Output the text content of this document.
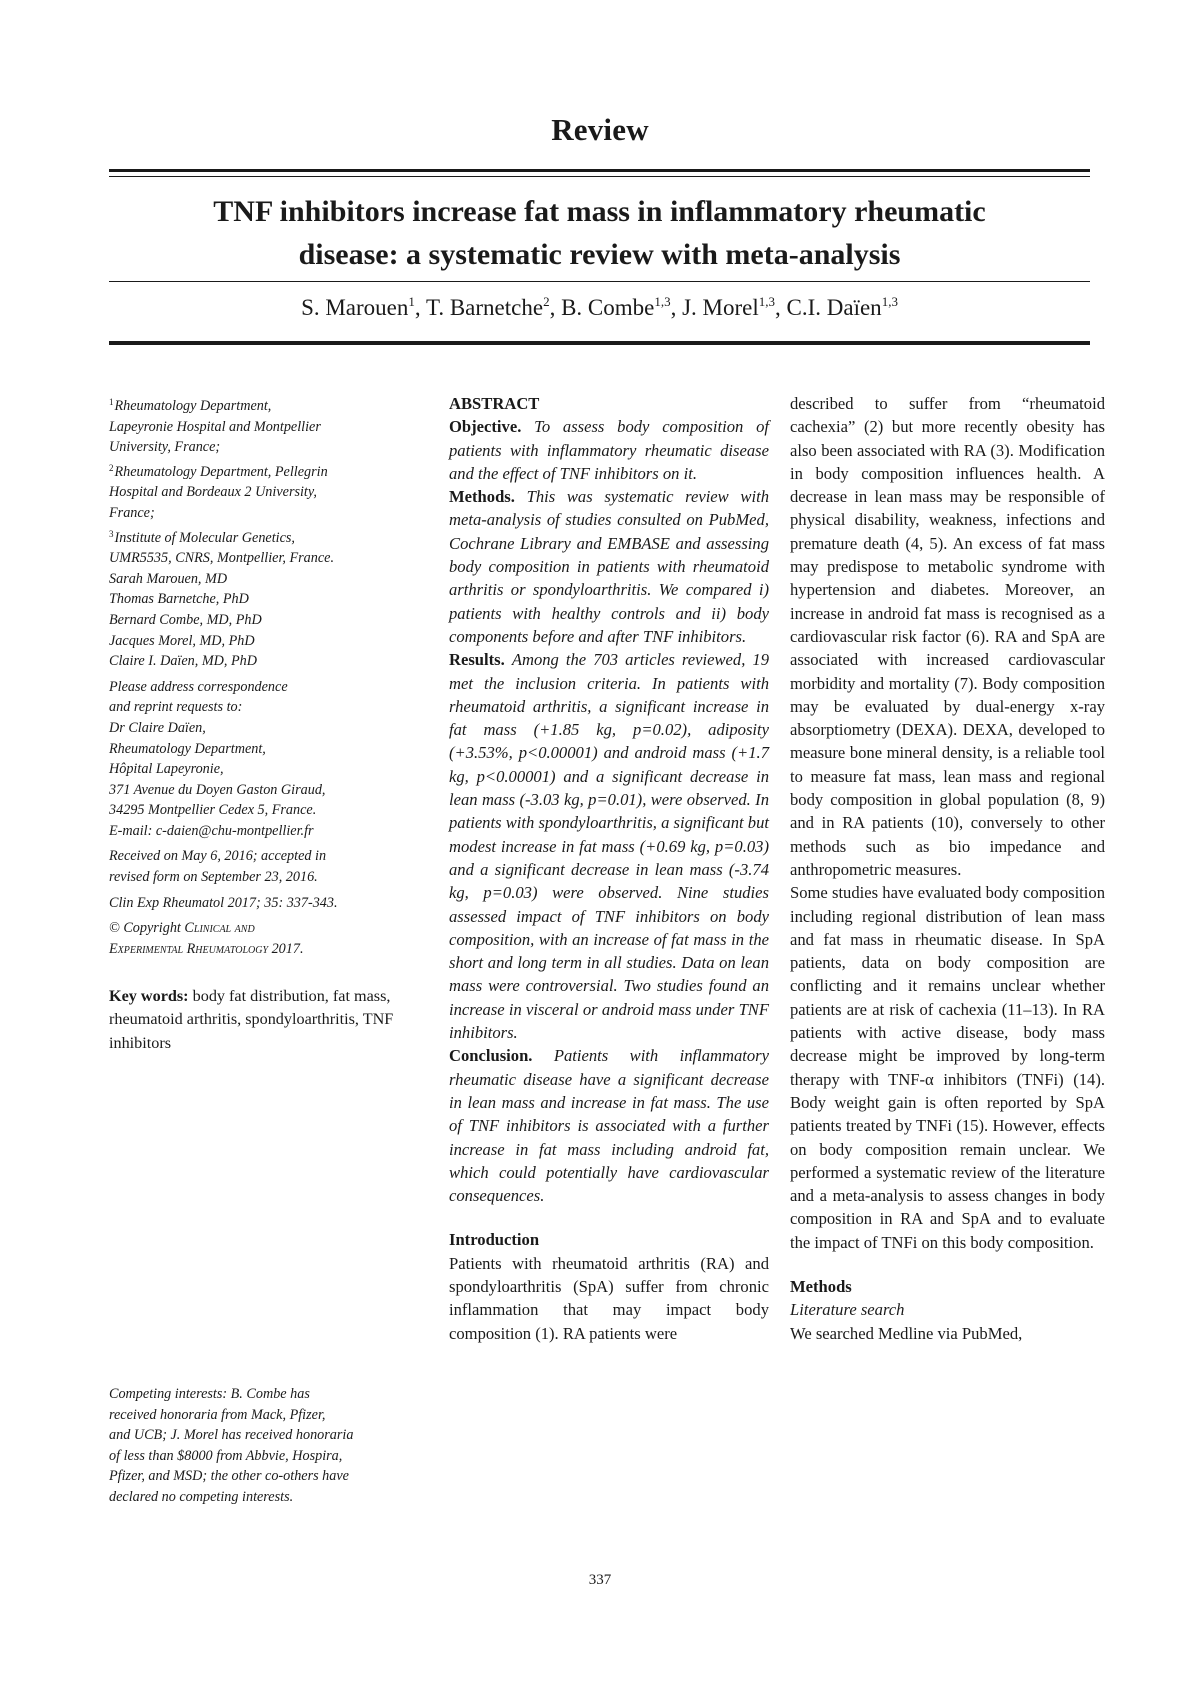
Review
TNF inhibitors increase fat mass in inflammatory rheumatic
disease: a systematic review with meta-analysis
S. Marouen$^1$, T. Barnetche$^2$, B. Combe$^{1,3}$, J. Morel$^{1,3}$, C.I. Daïen$^{1,3}$
$^1$Rheumatology Department,
Lapeyronie Hospital and Montpellier
University, France;
$^2$Rheumatology Department, Pellegrin
Hospital and Bordeaux 2 University,
France;
$^3$Institute of Molecular Genetics,
UMR5535, CNRS, Montpellier, France.
Sarah Marouen, MD
Thomas Barnetche, PhD
Bernard Combe, MD, PhD
Jacques Morel, MD, PhD
Claire I. Daïen, MD, PhD
Please address correspondence
and reprint requests to:
Dr Claire Daïen,
Rheumatology Department,
Hôpital Lapeyronie,
371 Avenue du Doyen Gaston Giraud,
34295 Montpellier Cedex 5, France.
E-mail: c-daien@chu-montpellier.fr
Received on May 6, 2016; accepted in
revised form on September 23, 2016.
Clin Exp Rheumatol 2017; 35: 337-343.
© Copyright Clinical and
Experimental Rheumatology 2017.
Key words: body fat distribution, fat mass, rheumatoid arthritis, spondyloarthritis, TNF inhibitors
Competing interests: B. Combe has
received honoraria from Mack, Pfizer,
and UCB; J. Morel has received honoraria
of less than $8000 from Abbvie, Hospira,
Pfizer, and MSD; the other co-others have
declared no competing interests.
ABSTRACT

Objective. To assess body composition of patients with inflammatory rheumatic disease and the effect of TNF inhibitors on it.

Methods. This was systematic review with meta-analysis of studies consulted on PubMed, Cochrane Library and EMBASE and assessing body composition in patients with rheumatoid arthritis or spondyloarthritis. We compared i) patients with healthy controls and ii) body components before and after TNF inhibitors.

Results. Among the 703 articles reviewed, 19 met the inclusion criteria. In patients with rheumatoid arthritis, a significant increase in fat mass (+1.85 kg, p=0.02), adiposity (+3.53%, p<0.00001) and android mass (+1.7 kg, p<0.00001) and a significant decrease in lean mass (-3.03 kg, p=0.01), were observed. In patients with spondyloarthritis, a significant but modest increase in fat mass (+0.69 kg, p=0.03) and a significant decrease in lean mass (-3.74 kg, p=0.03) were observed. Nine studies assessed impact of TNF inhibitors on body composition, with an increase of fat mass in the short and long term in all studies. Data on lean mass were controversial. Two studies found an increase in visceral or android mass under TNF inhibitors.

Conclusion. Patients with inflammatory rheumatic disease have a significant decrease in lean mass and increase in fat mass. The use of TNF inhibitors is associated with a further increase in fat mass including android fat, which could potentially have cardiovascular consequences.

Introduction

Patients with rheumatoid arthritis (RA) and spondyloarthritis (SpA) suffer from chronic inflammation that may impact body composition (1). RA patients were

described to suffer from “rheumatoid cachexia” (2) but more recently obesity has also been associated with RA (3). Modification in body composition influences health. A decrease in lean mass may be responsible of physical disability, weakness, infections and premature death (4, 5). An excess of fat mass may predispose to metabolic syndrome with hypertension and diabetes. Moreover, an increase in android fat mass is recognised as a cardiovascular risk factor (6). RA and SpA are associated with increased cardiovascular morbidity and mortality (7). Body composition may be evaluated by dual-energy x-ray absorptiometry (DEXA). DEXA, developed to measure bone mineral density, is a reliable tool to measure fat mass, lean mass and regional body composition in global population (8, 9) and in RA patients (10), conversely to other methods such as bio impedance and anthropometric measures.

Some studies have evaluated body composition including regional distribution of lean mass and fat mass in rheumatic disease. In SpA patients, data on body composition are conflicting and it remains unclear whether patients are at risk of cachexia (11–13). In RA patients with active disease, body mass decrease might be improved by long-term therapy with TNF-α inhibitors (TNFi) (14). Body weight gain is often reported by SpA patients treated by TNFi (15). However, effects on body composition remain unclear. We performed a systematic review of the literature and a meta-analysis to assess changes in body composition in RA and SpA and to evaluate the impact of TNFi on this body composition.

Methods
Literature search

We searched Medline via PubMed,

337
